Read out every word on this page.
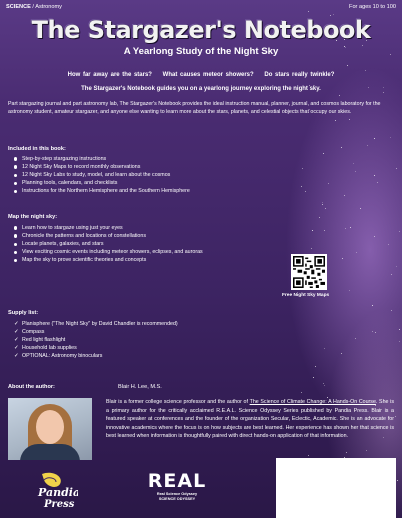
SCIENCE / Astronomy	For ages 10 to 100
The Stargazer's Notebook
A Yearlong Study of the Night Sky
How far away are the stars? What causes meteor showers? Do stars really twinkle?
The Stargazer's Notebook guides you on a yearlong journey exploring the night sky.

Part stargazing journal and part astronomy lab, The Stargazer's Notebook provides the ideal instruction manual, planner, journal, and cosmos laboratory for the astronomy student, amateur stargazer, and anyone else wanting to learn more about the stars, planets, and celestial objects that occupy our skies.

Included in this book:
Step-by-step stargazing instructions
12 Night Sky Maps to record monthly observations
12 Night Sky Labs to study, model, and learn about the cosmos
Planning tools, calendars, and checklists
Instructions for the Northern Hemisphere and the Southern Hemisphere
Map the night sky:
Learn how to stargaze using just your eyes
Chronicle the patterns and locations of constellations
Locate planets, galaxies, and stars
View exciting cosmic events including meteor showers, eclipses, and auroras
Map the sky to prove scientific theories and concepts
Free Night Sky Maps
Supply list:
✓ Planisphere ("The Night Sky" by David Chandler is recommended)
✓ Compass
✓ Red light flashlight
✓ Household lab supplies
✓ OPTIONAL: Astronomy binoculars
About the author:	Blair H. Lee, M.S.

Blair is a former college science professor and the author of The Science of Climate Change: A Hands-On Course. She is a primary author for the critically acclaimed R.E.A.L. Science Odyssey Series published by Pandia Press. Blair is a featured speaker at conferences and the founder of the organization Secular, Eclectic, Academic. She is an advocate for innovative academics where the focus is on how subjects are best learned. Her experience has shown her that science is best learned when information is thoughtfully paired with direct hands-on application of that information.

Pandia
Press
REAL
Real Science Odyssey
SCIENCE ODYSSEY
